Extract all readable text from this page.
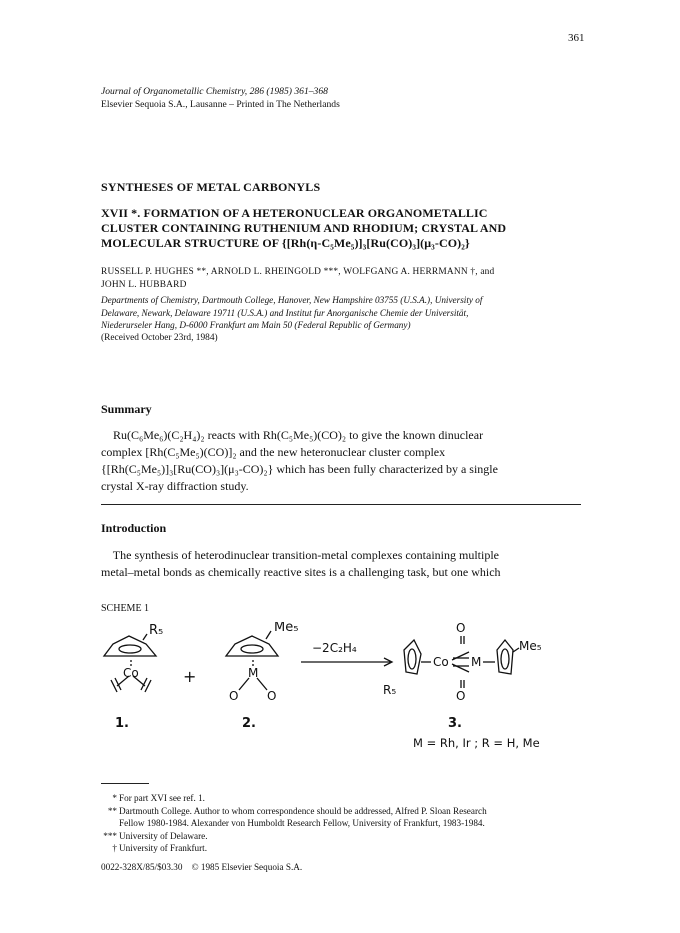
361
Journal of Organometallic Chemistry, 286 (1985) 361–368
Elsevier Sequoia S.A., Lausanne – Printed in The Netherlands
SYNTHESES OF METAL CARBONYLS
XVII *. FORMATION OF A HETERONUCLEAR ORGANOMETALLIC
CLUSTER CONTAINING RUTHENIUM AND RHODIUM; CRYSTAL AND
MOLECULAR STRUCTURE OF {[Rh(η-C₅Me₅)]₃[Ru(CO)₃](μ₃-CO)₂}
RUSSELL P. HUGHES **, ARNOLD L. RHEINGOLD ***, WOLFGANG A. HERRMANN †, and
JOHN L. HUBBARD
Departments of Chemistry, Dartmouth College, Hanover, New Hampshire 03755 (U.S.A.), University of
Delaware, Newark, Delaware 19711 (U.S.A.) and Institut fur Anorganische Chemie der Universität,
Niederurseler Hang, D-6000 Frankfurt am Main 50 (Federal Republic of Germany)
(Received October 23rd, 1984)
Summary
Ru(C₆Me₆)(C₂H₄)₂ reacts with Rh(C₅Me₅)(CO)₂ to give the known dinuclear
complex [Rh(C₅Me₅)(CO)]₂ and the new heteronuclear cluster complex
{[Rh(C₅Me₅)]₃[Ru(CO)₃](μ₃-CO)₂} which has been fully characterized by a single
crystal X-ray diffraction study.
Introduction
The synthesis of heterodinuclear transition-metal complexes containing multiple
metal–metal bonds as chemically reactive sites is a challenging task, but one which
SCHEME 1
R₅
Co
1.
+
Me₅
M
O O
2.
−2C₂H₄
O
Co M
O
R₅
Me₅
3.
M = Rh, Ir ; R = H, Me
* For part XVI see ref. 1.
** Dartmouth College. Author to whom correspondence should be addressed, Alfred P. Sloan Research
Fellow 1980-1984. Alexander von Humboldt Research Fellow, University of Frankfurt, 1983-1984.
*** University of Delaware.
† University of Frankfurt.
0022-328X/85/$03.30    © 1985 Elsevier Sequoia S.A.
